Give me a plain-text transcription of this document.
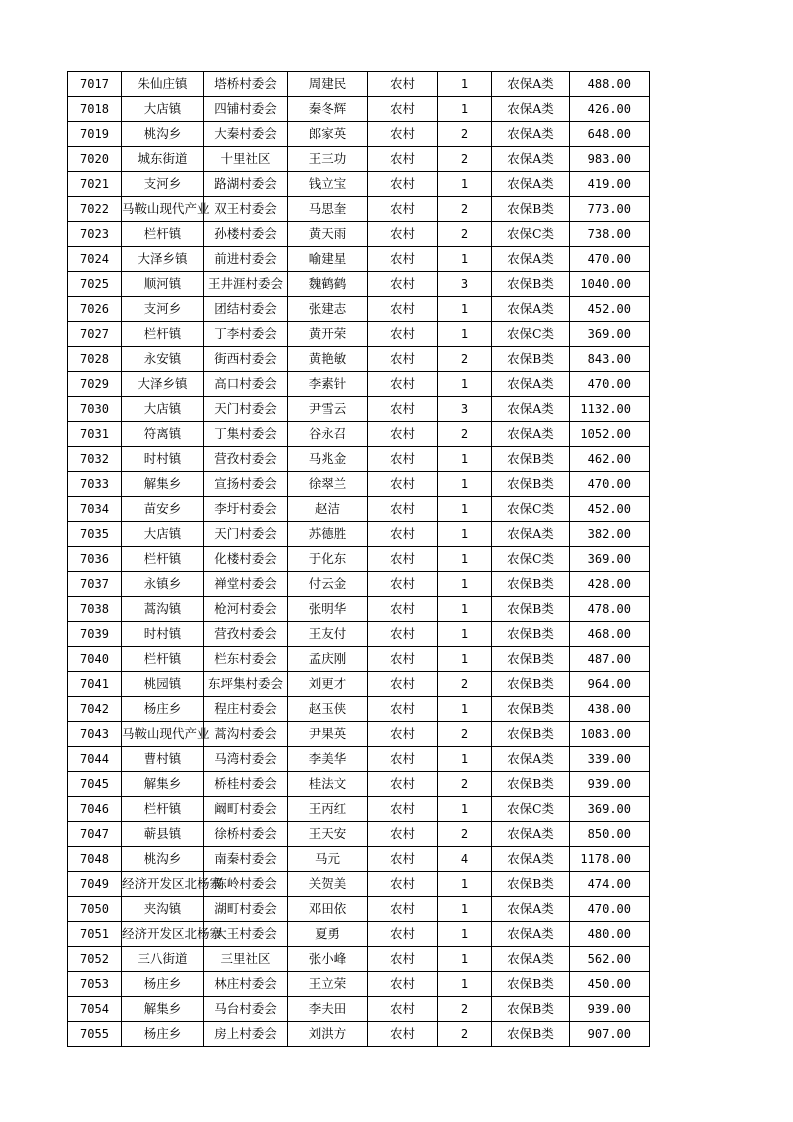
7017	朱仙庄镇	塔桥村委会	周建民	农村	1	农保A类	488.00
7018	大店镇	四铺村委会	秦冬辉	农村	1	农保A类	426.00
7019	桃沟乡	大秦村委会	郎家英	农村	2	农保A类	648.00
7020	城东街道	十里社区	王三功	农村	2	农保A类	983.00
7021	支河乡	路湖村委会	钱立宝	农村	1	农保A类	419.00
7022	马鞍山现代产业	双王村委会	马思奎	农村	2	农保B类	773.00
7023	栏杆镇	孙楼村委会	黄天雨	农村	2	农保C类	738.00
7024	大泽乡镇	前进村委会	喻建星	农村	1	农保A类	470.00
7025	顺河镇	王井涯村委会	魏鹤鹤	农村	3	农保B类	1040.00
7026	支河乡	团结村委会	张建志	农村	1	农保A类	452.00
7027	栏杆镇	丁李村委会	黄开荣	农村	1	农保C类	369.00
7028	永安镇	街西村委会	黄艳敏	农村	2	农保B类	843.00
7029	大泽乡镇	高口村委会	李素针	农村	1	农保A类	470.00
7030	大店镇	天门村委会	尹雪云	农村	3	农保A类	1132.00
7031	符离镇	丁集村委会	谷永召	农村	2	农保A类	1052.00
7032	时村镇	营孜村委会	马兆金	农村	1	农保B类	462.00
7033	解集乡	宣扬村委会	徐翠兰	农村	1	农保B类	470.00
7034	苗安乡	李圩村委会	赵洁	农村	1	农保C类	452.00
7035	大店镇	天门村委会	苏德胜	农村	1	农保A类	382.00
7036	栏杆镇	化楼村委会	于化东	农村	1	农保C类	369.00
7037	永镇乡	禅堂村委会	付云金	农村	1	农保B类	428.00
7038	蒿沟镇	枪河村委会	张明华	农村	1	农保B类	478.00
7039	时村镇	营孜村委会	王友付	农村	1	农保B类	468.00
7040	栏杆镇	栏东村委会	孟庆刚	农村	1	农保B类	487.00
7041	桃园镇	东坪集村委会	刘更才	农村	2	农保B类	964.00
7042	杨庄乡	程庄村委会	赵玉侠	农村	1	农保B类	438.00
7043	马鞍山现代产业	蒿沟村委会	尹果英	农村	2	农保B类	1083.00
7044	曹村镇	马湾村委会	李美华	农村	1	农保A类	339.00
7045	解集乡	桥桂村委会	桂法文	农村	2	农保B类	939.00
7046	栏杆镇	阚町村委会	王丙红	农村	1	农保C类	369.00
7047	蕲县镇	徐桥村委会	王天安	农村	2	农保A类	850.00
7048	桃沟乡	南秦村委会	马元	农村	4	农保A类	1178.00
7049	经济开发区北杨寨	陈岭村委会	关贺美	农村	1	农保B类	474.00
7050	夹沟镇	湖町村委会	邓田依	农村	1	农保A类	470.00
7051	经济开发区北杨寨	大王村委会	夏勇	农村	1	农保A类	480.00
7052	三八街道	三里社区	张小峰	农村	1	农保A类	562.00
7053	杨庄乡	林庄村委会	王立荣	农村	1	农保B类	450.00
7054	解集乡	马台村委会	李夫田	农村	2	农保B类	939.00
7055	杨庄乡	房上村委会	刘洪方	农村	2	农保B类	907.00
